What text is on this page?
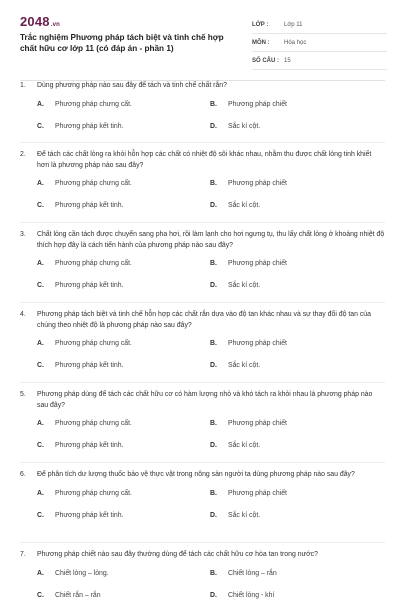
2048.vn
Trắc nghiệm Phương pháp tách biệt và tinh chế hợp chất hữu cơ lớp 11 (có đáp án - phần 1)
LỚP :	Lớp 11
MÔN :	Hóa học
SỐ CÂU : 15
1.	Dùng phương pháp nào sau đây để tách và tinh chế chất rắn?
A.	Phương pháp chưng cất.	B.	Phương pháp chiết
C.	Phương pháp kết tinh.	D.	Sắc kí cột.
2.	Để tách các chất lỏng ra khỏi hỗn hợp các chất có nhiệt độ sôi khác nhau, nhằm thu được chất lỏng tinh khiết hơn là phương pháp nào sau đây?
A.	Phương pháp chưng cất.	B.	Phương pháp chiết
C.	Phương pháp kết tinh.	D.	Sắc kí cột.
3.	Chất lỏng cần tách được chuyển sang pha hơi, rồi làm lạnh cho hơi ngưng tụ, thu lấy chất lỏng ở khoảng nhiệt độ thích hợp đây là cách tiến hành của phương pháp nào sau đây?
A.	Phương pháp chưng cất.	B.	Phương pháp chiết
C.	Phương pháp kết tinh.	D.	Sắc kí cột.
4.	Phương pháp tách biệt và tinh chế hỗn hợp các chất rắn dựa vào độ tan khác nhau và sự thay đổi độ tan của chúng theo nhiệt độ là phương pháp nào sau đây?
A.	Phương pháp chưng cất.	B.	Phương pháp chiết
C.	Phương pháp kết tinh.	D.	Sắc kí cột.
5.	Phương pháp dùng để tách các chất hữu cơ có hàm lượng nhỏ và khó tách ra khỏi nhau là phương pháp nào sau đây?
A.	Phương pháp chưng cất.	B.	Phương pháp chiết
C.	Phương pháp kết tinh.	D.	Sắc kí cột.
6.	Để phân tích dư lượng thuốc bảo vệ thực vật trong nông sản người ta dùng phương pháp nào sau đây?
A.	Phương pháp chưng cất.	B.	Phương pháp chiết
C.	Phương pháp kết tinh.	D.	Sắc kí cột.
7.	Phương pháp chiết nào sau đây thường dùng để tách các chất hữu cơ hòa tan trong nước?
A.	Chiết lỏng – lỏng.	B.	Chiết lỏng – rắn
C.	Chiết rắn – rắn	D.	Chiết lỏng - khí
